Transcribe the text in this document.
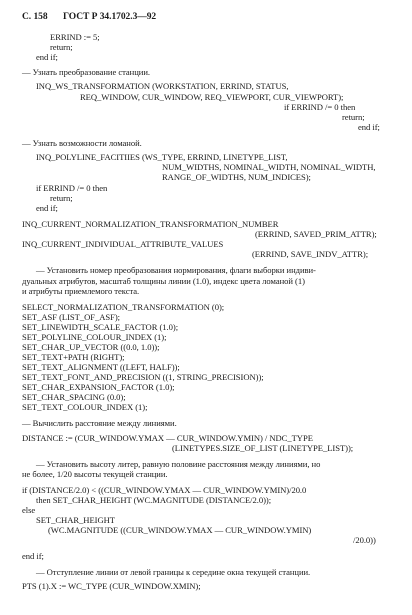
С. 158 ГОСТ Р 34.1702.3—92
ERRIND := 5;
return;
end if;
— Узнать преобразование станции.
INQ_WS_TRANSFORMATION (WORKSTATION, ERRIND, STATUS,
REQ_WINDOW, CUR_WINDOW, REQ_VIEWPORT, CUR_VIEWPORT);
if ERRIND /= 0 then
return;
end if;
— Узнать возможности ломаной.
INQ_POLYLINE_FACITIIES (WS_TYPE, ERRIND, LINETYPE_LIST,
NUM_WIDTHS, NOMINAL_WIDTH, NOMINAL_WIDTH,
RANGE_OF_WIDTHS, NUM_INDICES);
if ERRIND /= 0 then
return;
end if;
INQ_CURRENT_NORMALIZATION_TRANSFORMATION_NUMBER
(ERRIND, SAVED_PRIM_ATTR);
INQ_CURRENT_INDIVIDUAL_ATTRIBUTE_VALUES
(ERRIND, SAVE_INDV_ATTR);
— Установить номер преобразования нормирования, флаги выборки индиви-
дуальных атрибутов, масштаб толщины линии (1.0), индекс цвета ломаной (1)
и атрибуты приемлемого текста.
SELECT_NORMALIZATION_TRANSFORMATION (0);
SET_ASF (LIST_OF_ASF);
SET_LINEWIDTH_SCALE_FACTOR (1.0);
SET_POLYLINE_COLOUR_INDEX (1);
SET_CHAR_UP_VECTOR ((0.0, 1.0));
SET_TEXT+PATH (RIGHT);
SET_TEXT_ALIGNMENT ((LEFT, HALF));
SET_TEXT_FONT_AND_PRECISION ((1, STRING_PRECISION));
SET_CHAR_EXPANSION_FACTOR (1.0);
SET_CHAR_SPACING (0.0);
SET_TEXT_COLOUR_INDEX (1);
— Вычислить расстояние между линиями.
DISTANCE := (CUR_WINDOW.YMAX — CUR_WINDOW.YMIN) / NDC_TYPE
(LINETYPES.SIZE_OF_LIST (LINETYPE_LIST));
— Установить высоту литер, равную половине расстояния между линиями, но
не более, 1/20 высоты текущей станции.
if (DISTANCE/2.0) < ((CUR_WINDOW.YMAX — CUR_WINDOW.YMIN)/20.0
then SET_CHAR_HEIGHT (WC.MAGNITUDE (DISTANCE/2.0));
else
SET_CHAR_HEIGHT
(WC.MAGNITUDE ((CUR_WINDOW.YMAX — CUR_WINDOW.YMIN)
/20.0))
end if;
— Отступление линии от левой границы к середине окна текущей станции.
PTS (1).X := WC_TYPE (CUR_WINDOW.XMIN);
